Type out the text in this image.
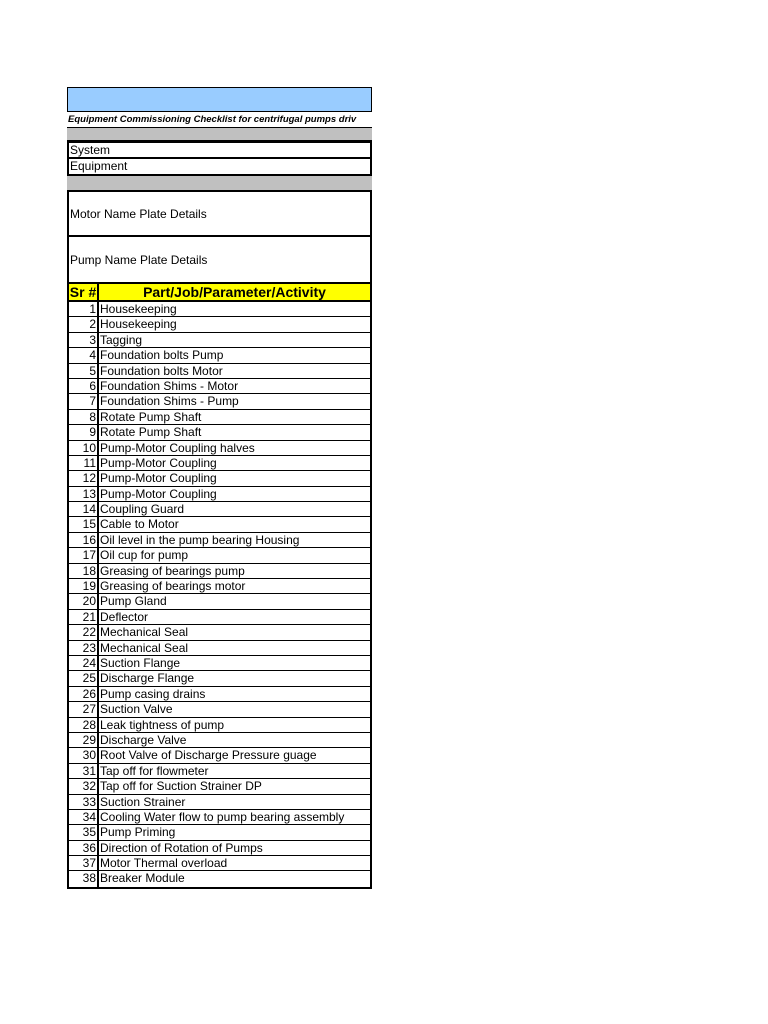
Equipment Commissioning Checklist for centrifugal pumps driv
System
Equipment
Motor Name Plate Details
Pump Name Plate Details
Sr #	Part/Job/Parameter/Activity
1 Housekeeping
2 Housekeeping
3 Tagging
4 Foundation bolts Pump
5 Foundation bolts Motor
6 Foundation Shims - Motor
7 Foundation Shims - Pump
8 Rotate Pump Shaft
9 Rotate Pump Shaft
10 Pump-Motor Coupling halves
11 Pump-Motor Coupling
12 Pump-Motor Coupling
13 Pump-Motor Coupling
14 Coupling Guard
15 Cable to Motor
16 Oil level in the pump bearing Housing
17 Oil cup for pump
18 Greasing of bearings pump
19 Greasing of bearings motor
20 Pump Gland
21 Deflector
22 Mechanical Seal
23 Mechanical Seal
24 Suction Flange
25 Discharge Flange
26 Pump casing drains
27 Suction Valve
28 Leak tightness of pump
29 Discharge Valve
30 Root Valve of Discharge Pressure guage
31 Tap off for flowmeter
32 Tap off for Suction Strainer DP
33 Suction Strainer
34 Cooling Water flow to pump bearing assembly
35 Pump Priming
36 Direction of Rotation of Pumps
37 Motor Thermal overload
38 Breaker Module
